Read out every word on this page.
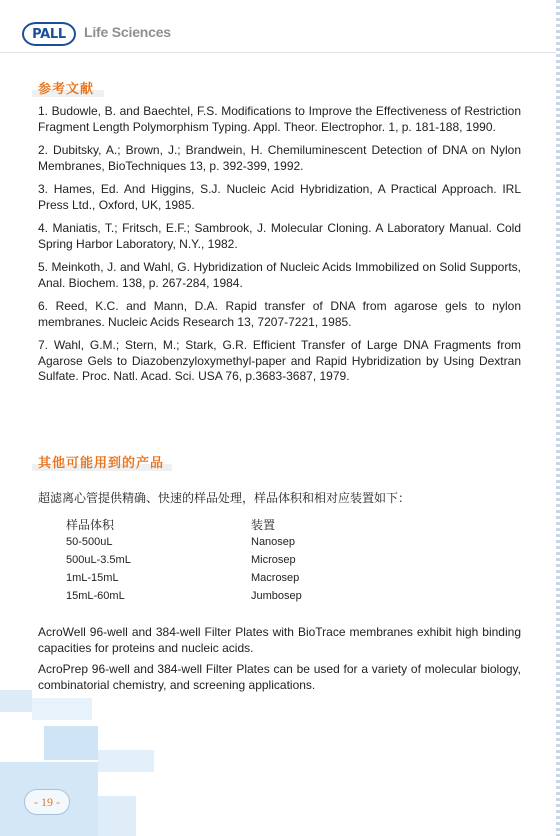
PALL Life Sciences
参考文献

1. Budowle, B. and Baechtel, F.S. Modifications to Improve the Effectiveness of Restriction Fragment Length Polymorphism Typing. Appl. Theor. Electrophor. 1, p. 181-188, 1990.

2. Dubitsky, A.; Brown, J.; Brandwein, H. Chemiluminescent Detection of DNA on Nylon Membranes, BioTechniques 13, p. 392-399, 1992.

3. Hames, Ed. And Higgins, S.J. Nucleic Acid Hybridization, A Practical Approach. IRL Press Ltd., Oxford, UK, 1985.

4. Maniatis, T.; Fritsch, E.F.; Sambrook, J. Molecular Cloning. A Laboratory Manual. Cold Spring Harbor Laboratory, N.Y., 1982.

5. Meinkoth, J. and Wahl, G. Hybridization of Nucleic Acids Immobilized on Solid Supports, Anal. Biochem. 138, p. 267-284, 1984.

6. Reed, K.C. and Mann, D.A. Rapid transfer of DNA from agarose gels to nylon membranes. Nucleic Acids Research 13, 7207-7221, 1985.

7. Wahl, G.M.; Stern, M.; Stark, G.R. Efficient Transfer of Large DNA Fragments from Agarose Gels to Diazobenzyloxymethyl-paper and Rapid Hybridization by Using Dextran Sulfate. Proc. Natl. Acad. Sci. USA 76, p.3683-3687, 1979.

其他可能用到的产品
超滤离心管提供精确、快速的样品处理，样品体积和相对应装置如下：
样品体积	装置
50-500uL	Nanosep
500uL-3.5mL	Microsep
1mL-15mL	Macrosep
15mL-60mL	Jumbosep

AcroWell 96-well and 384-well Filter Plates with BioTrace membranes exhibit high binding capacities for proteins and nucleic acids.

AcroPrep 96-well and 384-well Filter Plates can be used for a variety of molecular biology, combinatorial chemistry, and screening applications.

- 19 -
